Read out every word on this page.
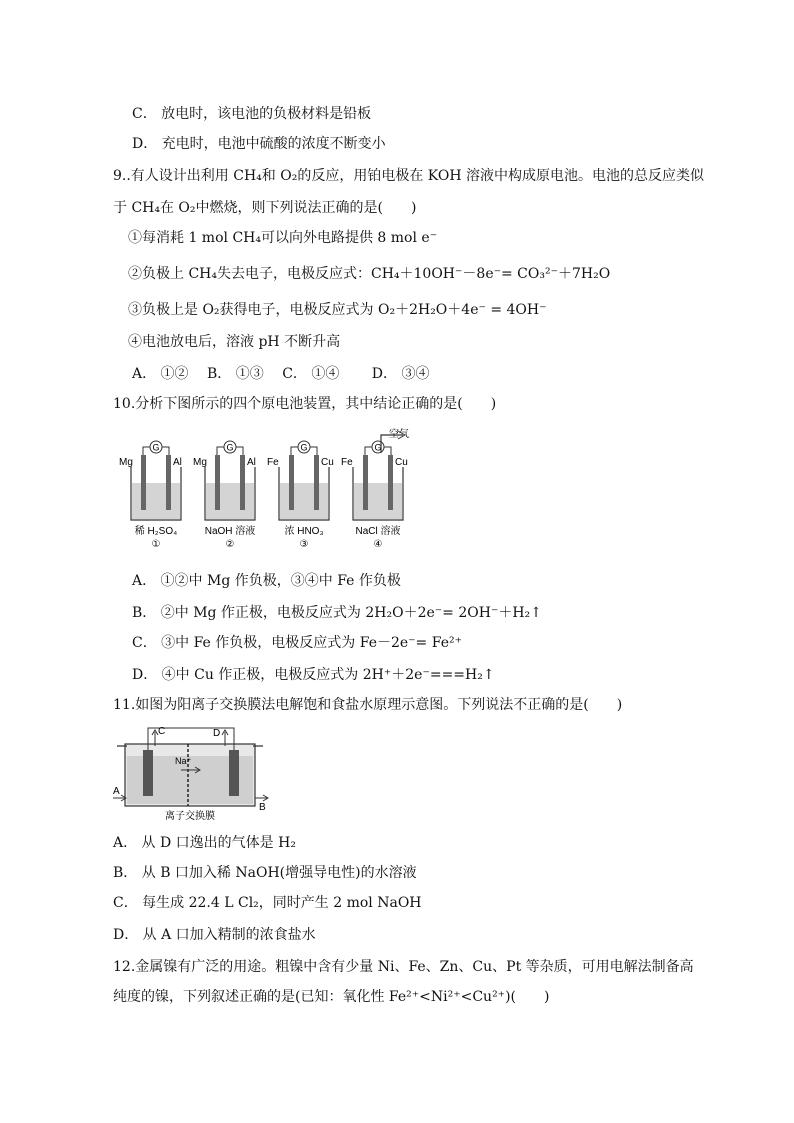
C． 放电时，该电池的负极材料是铅板
D． 充电时，电池中硫酸的浓度不断变小
9..有人设计出利用 CH₄和 O₂的反应，用铂电极在 KOH 溶液中构成原电池。电池的总反应类似
于 CH₄在 O₂中燃烧，则下列说法正确的是(　　)
①每消耗 1 mol CH₄可以向外电路提供 8 mol e⁻
②负极上 CH₄失去电子，电极反应式：CH₄＋10OH⁻－8e⁻= CO₃²⁻＋7H₂O
③负极上是 O₂获得电子，电极反应式为 O₂＋2H₂O＋4e⁻ = 4OH⁻
④电池放电后，溶液 pH 不断升高
A． ①②　 B． ①③　 C． ①④　　 D． ③④
10.分析下图所示的四个原电池装置，其中结论正确的是(　　)
G
Mg	Al
稀 H₂SO₄
①
G
Mg	Al
NaOH 溶液
②
G
Fe	Cu
浓 HNO₃
③
G
Fe	Cu
NaCl 溶液
④
空气
A． ①②中 Mg 作负极，③④中 Fe 作负极
B． ②中 Mg 作正极，电极反应式为 2H₂O＋2e⁻= 2OH⁻＋H₂↑
C． ③中 Fe 作负极，电极反应式为 Fe－2e⁻= Fe²⁺
D． ④中 Cu 作正极，电极反应式为 2H⁺＋2e⁻===H₂↑
11.如图为阳离子交换膜法电解饱和食盐水原理示意图。下列说法不正确的是(　　)
C	D
A
B
Na⁺
离子交换膜
A． 从 D 口逸出的气体是 H₂
B． 从 B 口加入稀 NaOH(增强导电性)的水溶液
C． 每生成 22.4 L Cl₂，同时产生 2 mol NaOH
D． 从 A 口加入精制的浓食盐水
12.金属镍有广泛的用途。粗镍中含有少量 Ni、Fe、Zn、Cu、Pt 等杂质，可用电解法制备高
纯度的镍，下列叙述正确的是(已知：氧化性 Fe²⁺<Ni²⁺<Cu²⁺)(　　)
